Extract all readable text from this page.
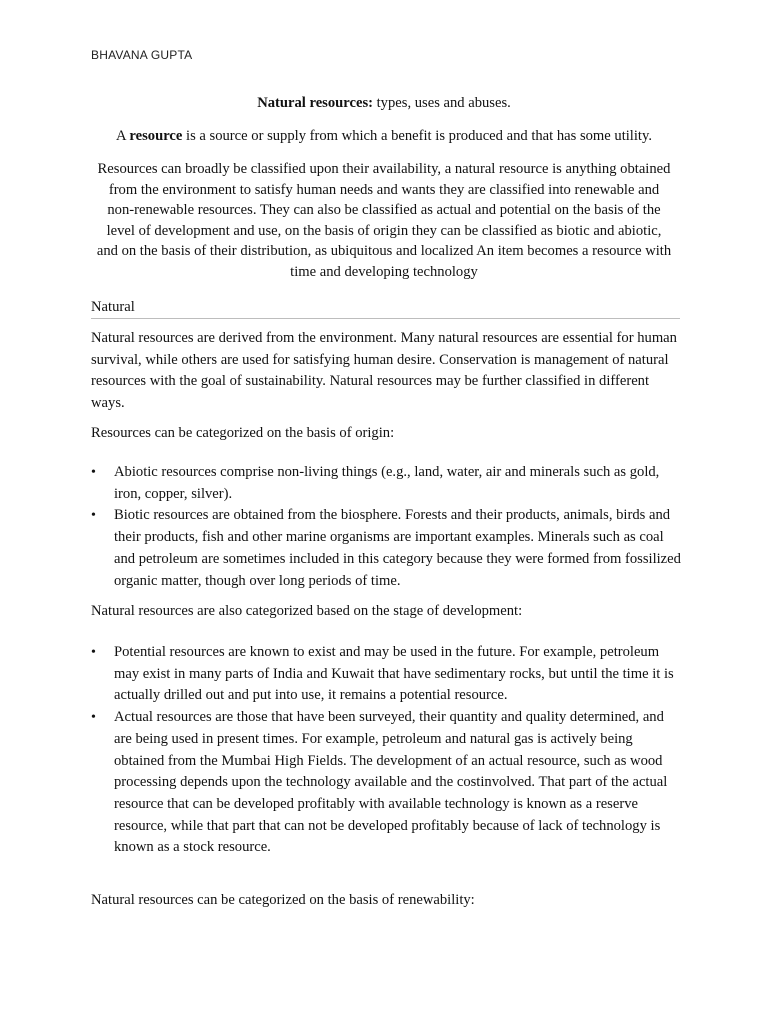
BHAVANA GUPTA
Natural resources: types, uses and abuses.
A resource is a source or supply from which a benefit is produced and that has some utility.
Resources can broadly be classified upon their availability, a natural resource is anything obtained from the environment to satisfy human needs and wants they are classified into renewable and non-renewable resources. They can also be classified as actual and potential on the basis of the level of development and use, on the basis of origin they can be classified as biotic and abiotic, and on the basis of their distribution, as ubiquitous and localized An item becomes a resource with time and developing technology
Natural

Natural resources are derived from the environment. Many natural resources are essential for human survival, while others are used for satisfying human desire. Conservation is management of natural resources with the goal of sustainability. Natural resources may be further classified in different ways.

Resources can be categorized on the basis of origin:

•	Abiotic resources comprise non-living things (e.g., land, water, air and minerals such as gold, iron, copper, silver).
•	Biotic resources are obtained from the biosphere. Forests and their products, animals, birds and their products, fish and other marine organisms are important examples. Minerals such as coal and petroleum are sometimes included in this category because they were formed from fossilized organic matter, though over long periods of time.

Natural resources are also categorized based on the stage of development:

•	Potential resources are known to exist and may be used in the future. For example, petroleum may exist in many parts of India and Kuwait that have sedimentary rocks, but until the time it is actually drilled out and put into use, it remains a potential resource.
•	Actual resources are those that have been surveyed, their quantity and quality determined, and are being used in present times. For example, petroleum and natural gas is actively being obtained from the Mumbai High Fields. The development of an actual resource, such as wood processing depends upon the technology available and the costinvolved. That part of the actual resource that can be developed profitably with available technology is known as a reserve resource, while that part that can not be developed profitably because of lack of technology is known as a stock resource.

Natural resources can be categorized on the basis of renewability:
